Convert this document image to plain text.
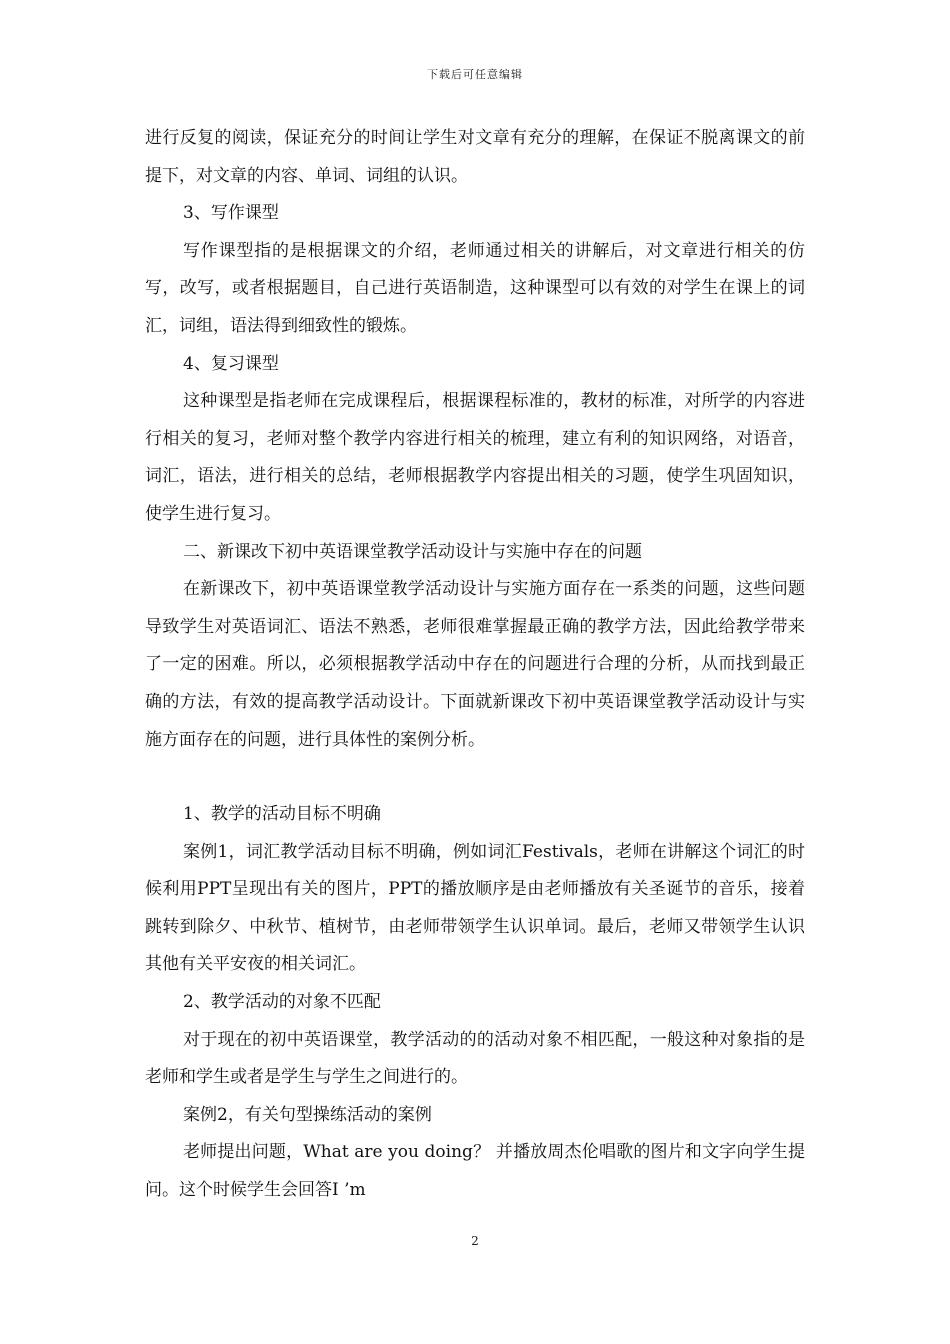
下载后可任意编辑

进行反复的阅读，保证充分的时间让学生对文章有充分的理解，在保证不脱离课文的前提下，对文章的内容、单词、词组的认识。

3、写作课型

写作课型指的是根据课文的介绍，老师通过相关的讲解后，对文章进行相关的仿写，改写，或者根据题目，自己进行英语制造，这种课型可以有效的对学生在课上的词汇，词组，语法得到细致性的锻炼。

4、复习课型

这种课型是指老师在完成课程后，根据课程标准的，教材的标准，对所学的内容进行相关的复习，老师对整个教学内容进行相关的梳理，建立有利的知识网络，对语音，词汇，语法，进行相关的总结，老师根据教学内容提出相关的习题，使学生巩固知识，使学生进行复习。

二、新课改下初中英语课堂教学活动设计与实施中存在的问题

在新课改下，初中英语课堂教学活动设计与实施方面存在一系类的问题，这些问题导致学生对英语词汇、语法不熟悉，老师很难掌握最正确的教学方法，因此给教学带来了一定的困难。所以，必须根据教学活动中存在的问题进行合理的分析，从而找到最正确的方法，有效的提高教学活动设计。下面就新课改下初中英语课堂教学活动设计与实施方面存在的问题，进行具体性的案例分析。

1、教学的活动目标不明确

案例1，词汇教学活动目标不明确，例如词汇Festivals，老师在讲解这个词汇的时候利用PPT呈现出有关的图片，PPT的播放顺序是由老师播放有关圣诞节的音乐，接着跳转到除夕、中秋节、植树节，由老师带领学生认识单词。最后，老师又带领学生认识其他有关平安夜的相关词汇。

2、教学活动的对象不匹配

对于现在的初中英语课堂，教学活动的的活动对象不相匹配，一般这种对象指的是老师和学生或者是学生与学生之间进行的。

案例2，有关句型操练活动的案例

老师提出问题，What are you doing？ 并播放周杰伦唱歌的图片和文字向学生提问。这个时候学生会回答I ’m

2
